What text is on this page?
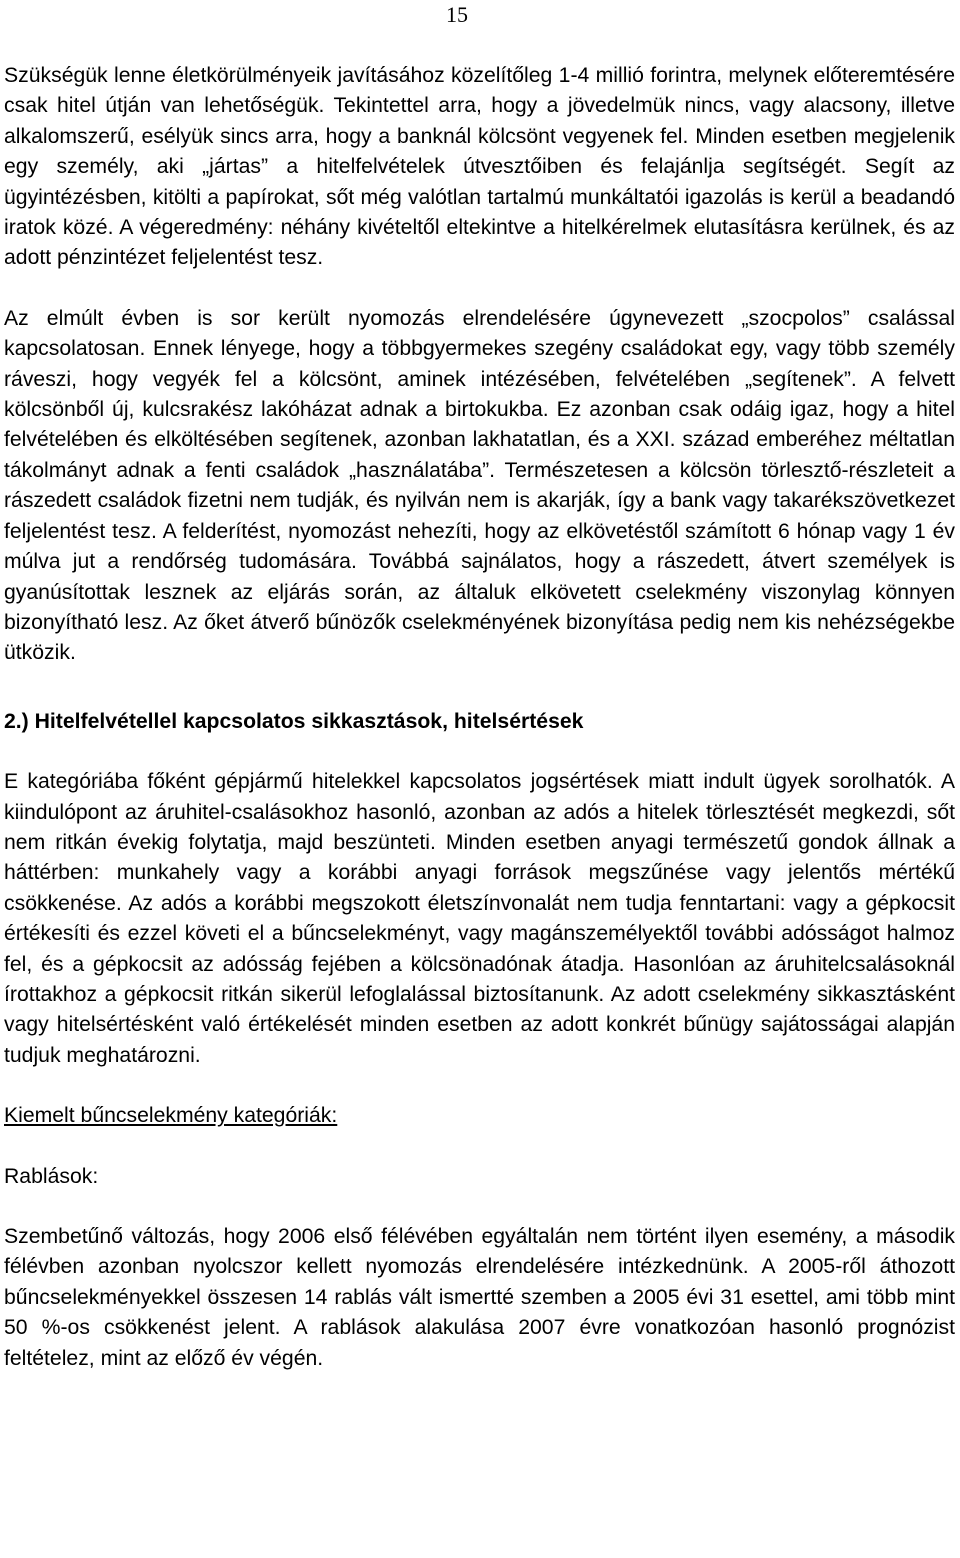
15

Szükségük lenne életkörülményeik javításához közelítőleg 1-4 millió forintra, melynek előteremtésére csak hitel útján van lehetőségük. Tekintettel arra, hogy a jövedelmük nincs, vagy alacsony, illetve alkalomszerű, esélyük sincs arra, hogy a banknál kölcsönt vegyenek fel. Minden esetben megjelenik egy személy, aki „jártas” a hitelfelvételek útvesztőiben és felajánlja segítségét. Segít az ügyintézésben, kitölti a papírokat, sőt még valótlan tartalmú munkáltatói igazolás is kerül a beadandó iratok közé. A végeredmény: néhány kivételtől eltekintve a hitelkérelmek elutasításra kerülnek, és az adott pénzintézet feljelentést tesz.

Az elmúlt évben is sor került nyomozás elrendelésére úgynevezett „szocpolos” csalással kapcsolatosan. Ennek lényege, hogy a többgyermekes szegény családokat egy, vagy több személy ráveszi, hogy vegyék fel a kölcsönt, aminek intézésében, felvételében „segítenek”. A felvett kölcsönből új, kulcsrakész lakóházat adnak a birtokukba. Ez azonban csak odáig igaz, hogy a hitel felvételében és elköltésében segítenek, azonban lakhatatlan, és a XXI. század emberéhez méltatlan tákolmányt adnak a fenti családok „használatába”. Természetesen a kölcsön törlesztő-részleteit a rászedett családok fizetni nem tudják, és nyilván nem is akarják, így a bank vagy takarékszövetkezet feljelentést tesz. A felderítést, nyomozást nehezíti, hogy az elkövetéstől számított 6 hónap vagy 1 év múlva jut a rendőrség tudomására. Továbbá sajnálatos, hogy a rászedett, átvert személyek is gyanúsítottak lesznek az eljárás során, az általuk elkövetett cselekmény viszonylag könnyen bizonyítható lesz. Az őket átverő bűnözők cselekményének bizonyítása pedig nem kis nehézségekbe ütközik.

2.) Hitelfelvétellel kapcsolatos sikkasztások, hitelsértések

E kategóriába főként gépjármű hitelekkel kapcsolatos jogsértések miatt indult ügyek sorolhatók. A kiindulópont az áruhitel-csalásokhoz hasonló, azonban az adós a hitelek törlesztését megkezdi, sőt nem ritkán évekig folytatja, majd beszünteti. Minden esetben anyagi természetű gondok állnak a háttérben: munkahely vagy a korábbi anyagi források megszűnése vagy jelentős mértékű csökkenése. Az adós a korábbi megszokott életszínvonalát nem tudja fenntartani: vagy a gépkocsit értékesíti és ezzel követi el a bűncselekményt, vagy magánszemélyektől további adósságot halmoz fel, és a gépkocsit az adósság fejében a kölcsönadónak átadja. Hasonlóan az áruhitelcsalásoknál írottakhoz a gépkocsit ritkán sikerül lefoglalással biztosítanunk. Az adott cselekmény sikkasztásként vagy hitelsértésként való értékelését minden esetben az adott konkrét bűnügy sajátosságai alapján tudjuk meghatározni.

Kiemelt bűncselekmény kategóriák:

Rablások:

Szembetűnő változás, hogy 2006 első félévében egyáltalán nem történt ilyen esemény, a második félévben azonban nyolcszor kellett nyomozás elrendelésére intézkednünk. A 2005-ről áthozott bűncselekményekkel összesen 14 rablás vált ismertté szemben a 2005 évi 31 esettel, ami több mint 50 %-os csökkenést jelent. A rablások alakulása 2007 évre vonatkozóan hasonló prognózist feltételez, mint az előző év végén.
